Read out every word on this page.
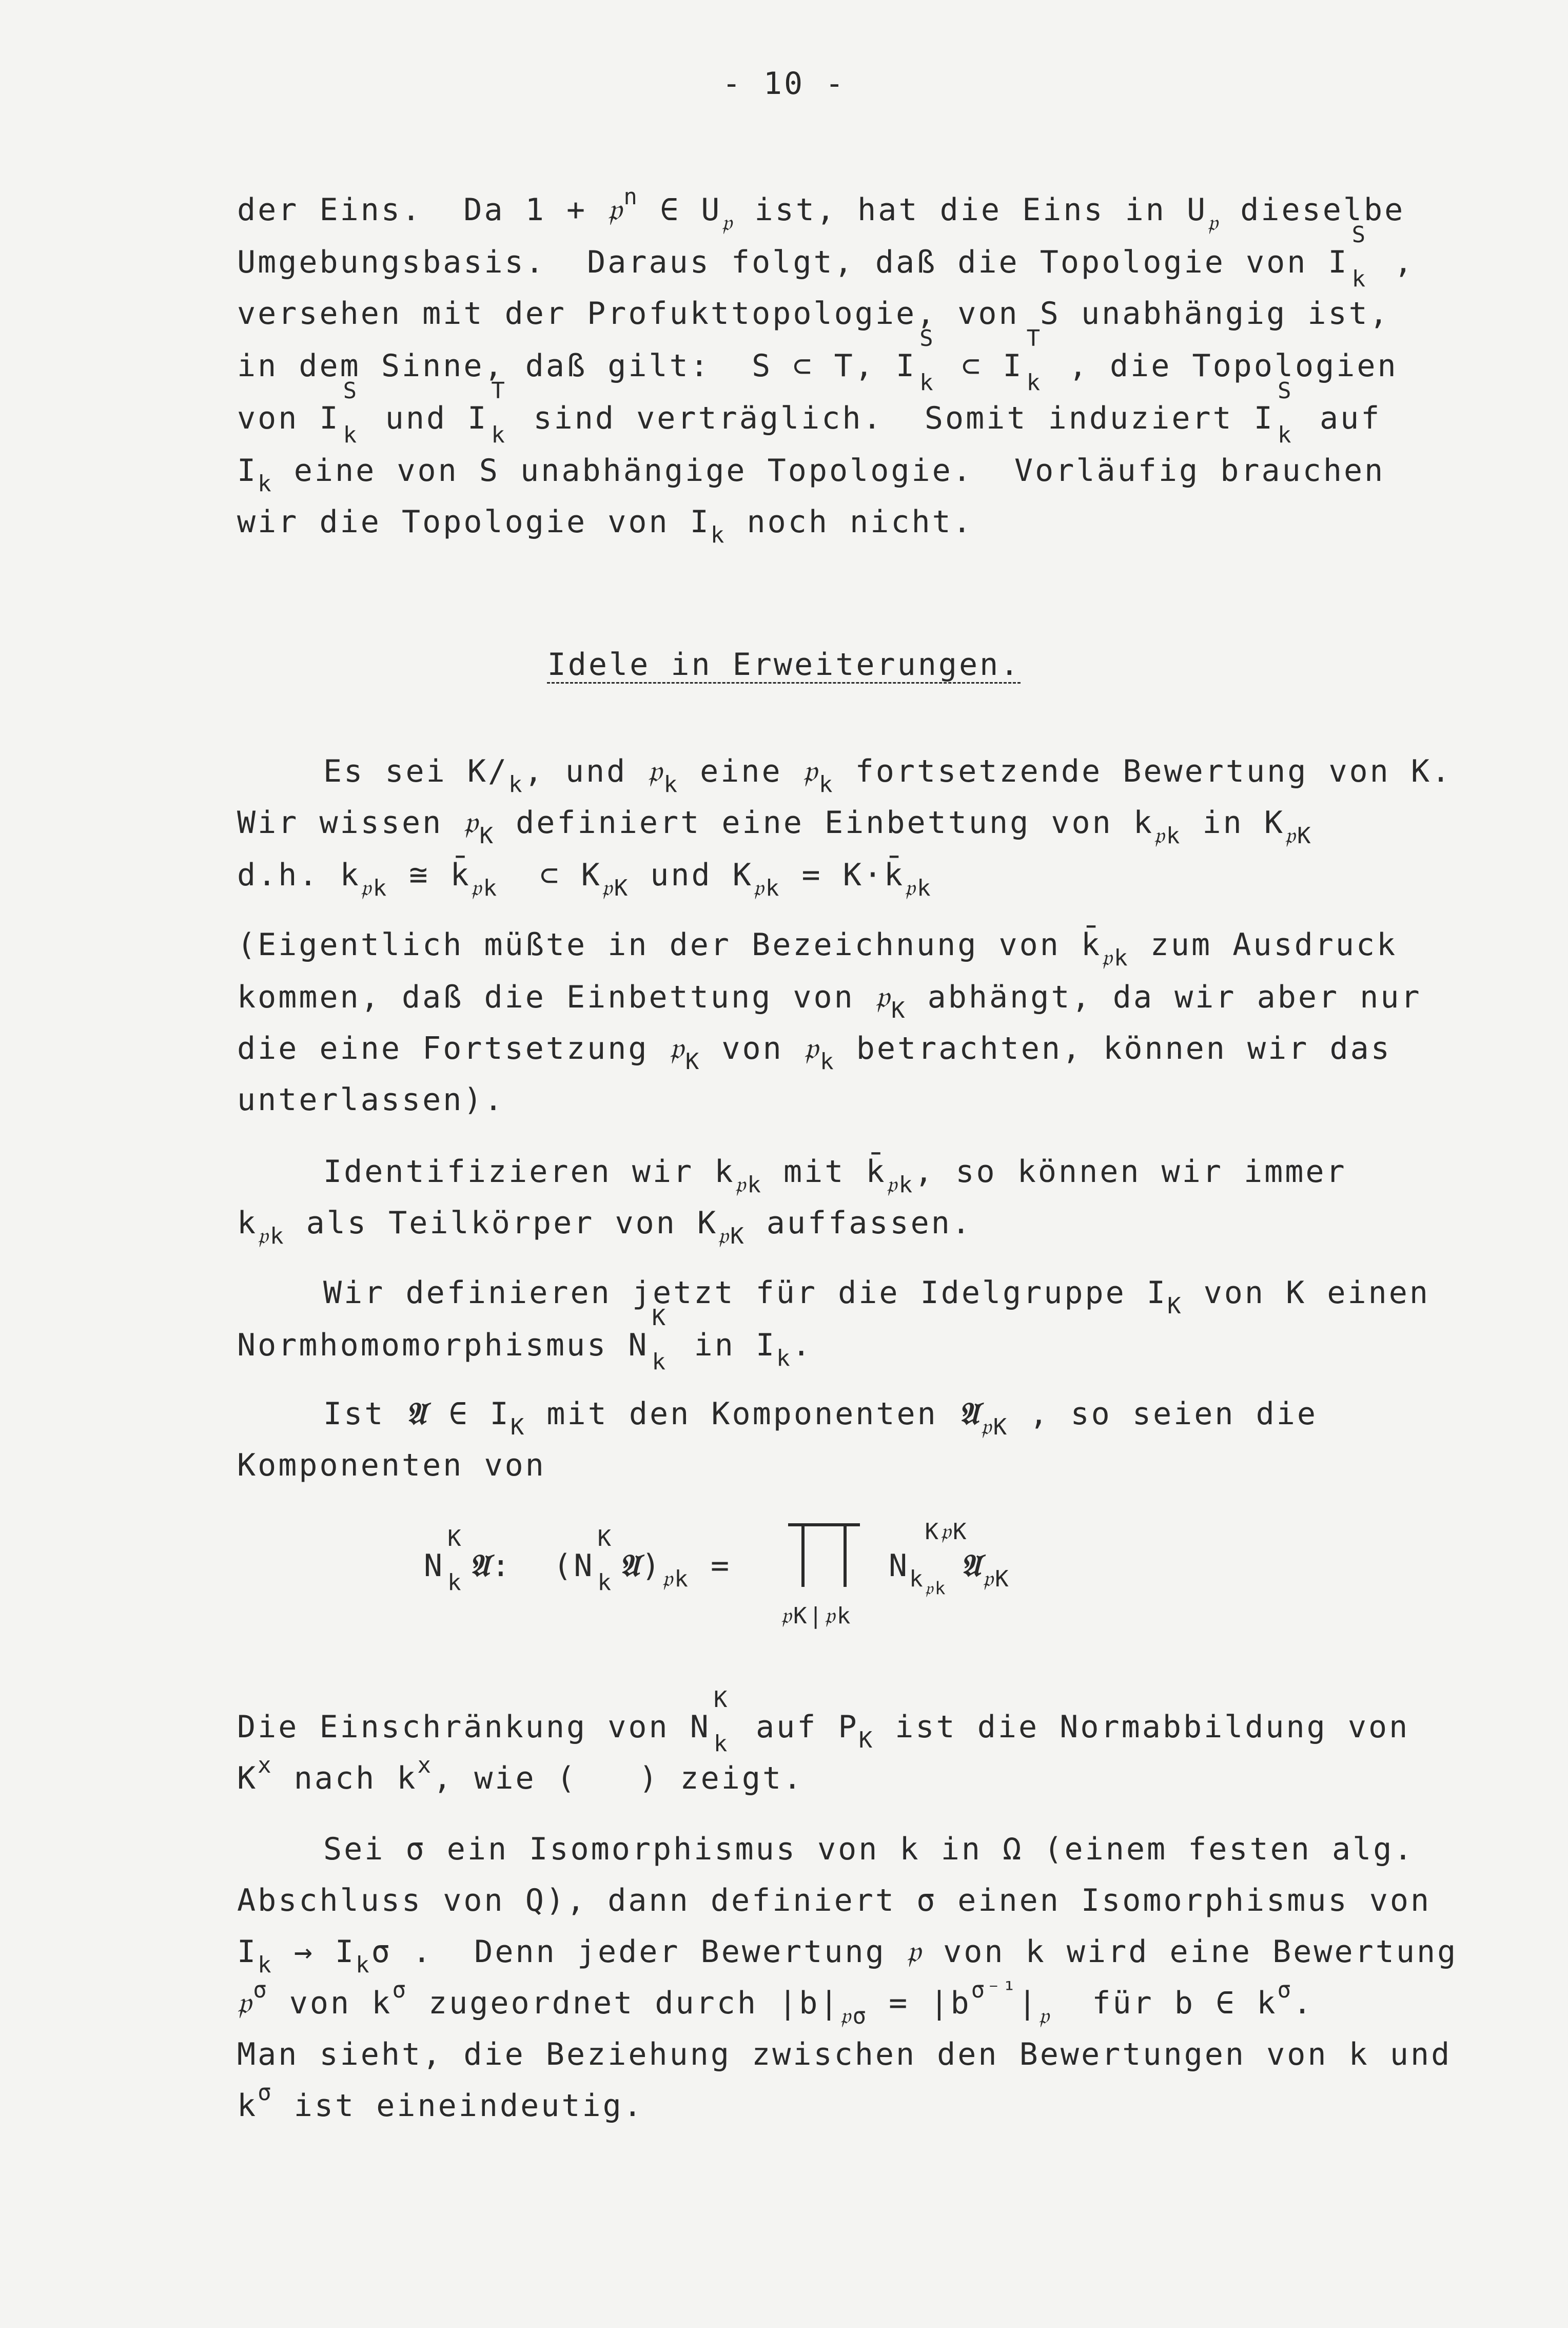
- 10 -
der Eins.  Da 1 + 𝔭$^n$ ∈ $U_𝔭$ ist, hat die Eins in $U_𝔭$ dieselbe
Umgebungsbasis.  Daraus folgt, daß die Topologie von I
S
k ,
versehen mit der Profukttopologie, von S unabhängig ist,
in dem Sinne, daß gilt:  S ⊂ T, I
S
k ⊂ I
T
k , die Topologien
von I
S
k und I
T
k sind verträglich.  Somit induziert I
S
k auf
$I_k$ eine von S unabhängige Topologie.  Vorläufig brauchen
wir die Topologie von $I_k$ noch nicht.
Idele in Erweiterungen.
Es sei $K/_k$, und 𝔭$_k$ eine 𝔭$_k$ fortsetzende Bewertung von K.
Wir wissen 𝔭$_K$ definiert eine Einbettung von $k_{𝔭k}$ in $K_{𝔭K}$
d.h. $k_{𝔭k}$ ≅ $k̄_{𝔭k}$ ⊂ $K_{𝔭K}$ und $K_{𝔭k}$ = $K\cdot k̄_{𝔭k}$
(Eigentlich müßte in der Bezeichnung von $k̄_{𝔭k}$ zum Ausdruck
kommen, daß die Einbettung von 𝔭$_K$ abhängt, da wir aber nur
die eine Fortsetzung 𝔭$_K$ von 𝔭$_k$ betrachten, können wir das
unterlassen).
Identifizieren wir $k_{𝔭k}$ mit $k̄_{𝔭k}$, so können wir immer
$k_{𝔭k}$ als Teilkörper von $K_{𝔭K}$ auffassen.
Wir definieren jetzt für die Idelgruppe $I_K$ von K einen
Normhomomorphismus N
K
k in $I_k$.
Ist 𝔄 ∈ $I_K$ mit den Komponenten 𝔄$_{𝔭K}$ , so seien die
Komponenten von
N
K
k 𝔄:  (N
K
k $𝔄)_{𝔭k}$ =
𝔭K|𝔭k
$N_{k_{𝔭k}}^{K𝔭K}𝔄_{𝔭K}$
Die Einschränkung von N
K
k auf $P_K$ ist die Normabbildung von
$K^x$ nach $k^x$, wie (   ) zeigt.
Sei σ ein Isomorphismus von k in Ω (einem festen alg.
Abschluss von Q), dann definiert σ einen Isomorphismus von
$I_k \to I_k\sigma$ .  Denn jeder Bewertung 𝔭 von k wird eine Bewertung
𝔭$^\sigma$ von $k^\sigma$ zugeordnet durch $|b|_{𝔭\sigma} = |b^{\sigma^{-1}}|_𝔭$  für b ∈ $k^\sigma$.
Man sieht, die Beziehung zwischen den Bewertungen von k und
$k^\sigma$ ist eineindeutig.
